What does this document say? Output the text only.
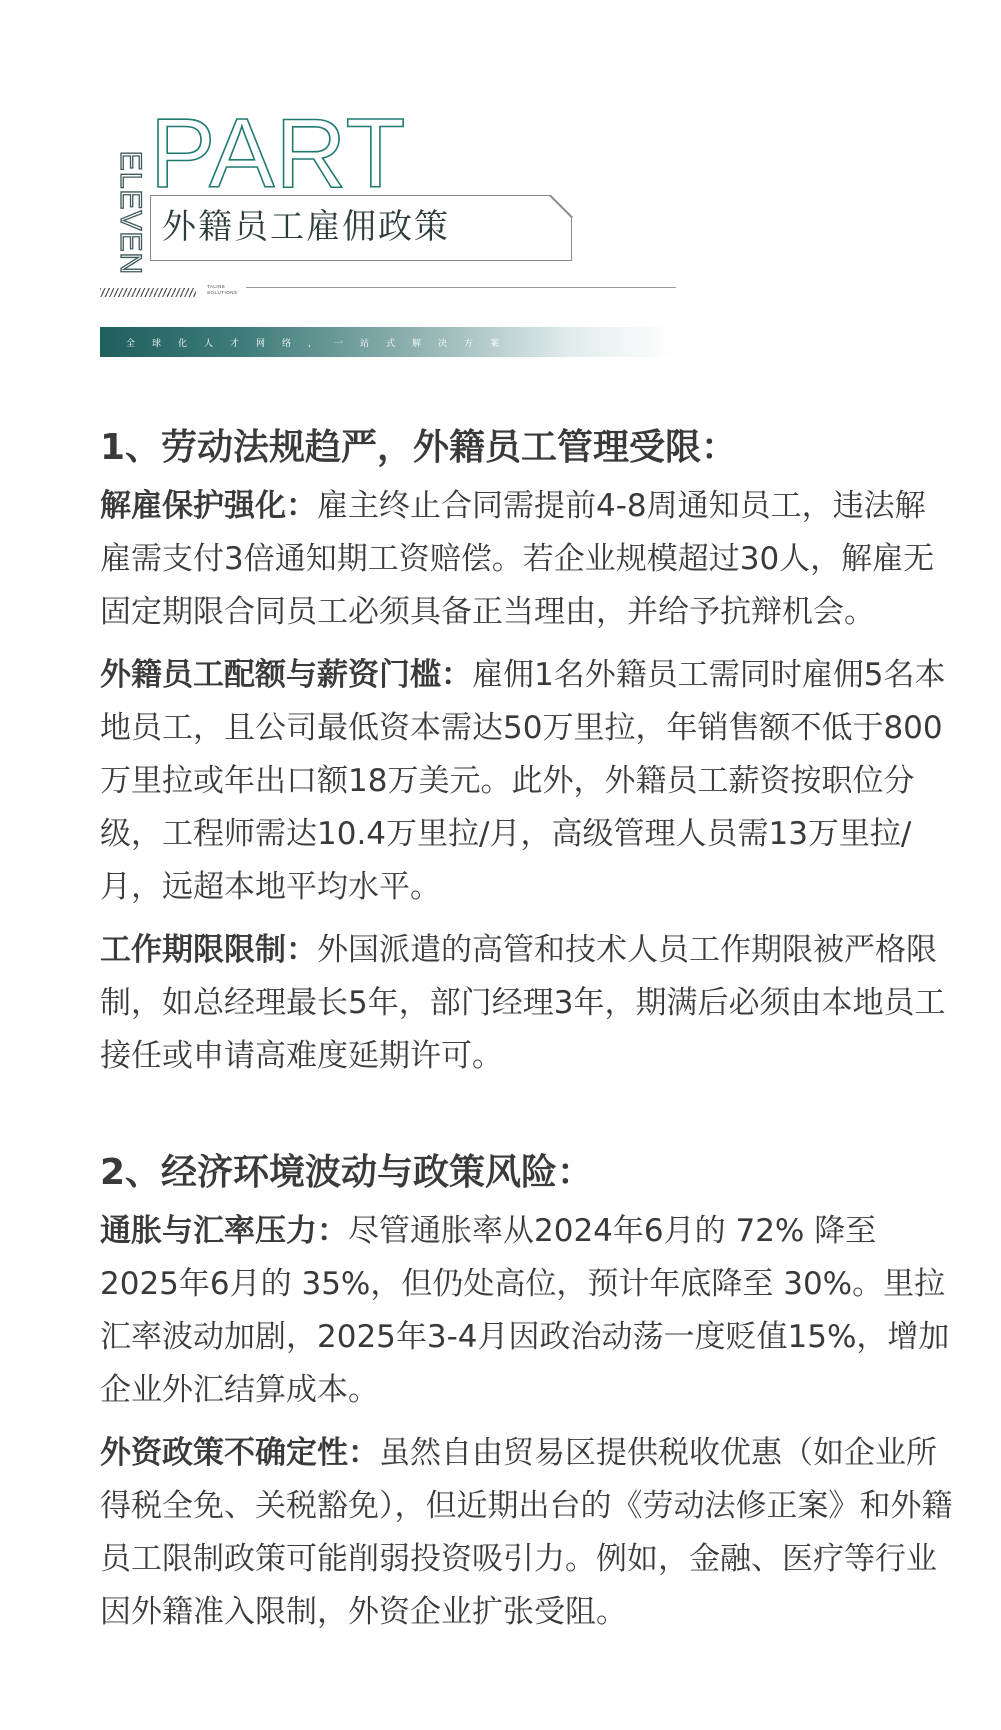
ELEVEN PART
外籍员工雇佣政策
TALINE
SOLUTIONS
全球化人才网络，一站式解决方案
1、劳动法规趋严，外籍员工管理受限：

解雇保护强化：雇主终止合同需提前4-8周通知员工，违法解雇需支付3倍通知期工资赔偿。若企业规模超过30人，解雇无固定期限合同员工必须具备正当理由，并给予抗辩机会。

外籍员工配额与薪资门槛：雇佣1名外籍员工需同时雇佣5名本地员工，且公司最低资本需达50万里拉，年销售额不低于800万里拉或年出口额18万美元。此外，外籍员工薪资按职位分级，工程师需达10.4万里拉/月，高级管理人员需13万里拉/月，远超本地平均水平。

工作期限限制：外国派遣的高管和技术人员工作期限被严格限制，如总经理最长5年，部门经理3年，期满后必须由本地员工接任或申请高难度延期许可。

2、经济环境波动与政策风险：

通胀与汇率压力：尽管通胀率从2024年6月的 72% 降至2025年6月的 35%，但仍处高位，预计年底降至 30%。里拉汇率波动加剧，2025年3-4月因政治动荡一度贬值15%，增加企业外汇结算成本。

外资政策不确定性：虽然自由贸易区提供税收优惠（如企业所得税全免、关税豁免），但近期出台的《劳动法修正案》和外籍员工限制政策可能削弱投资吸引力。例如，金融、医疗等行业因外籍准入限制，外资企业扩张受阻。
